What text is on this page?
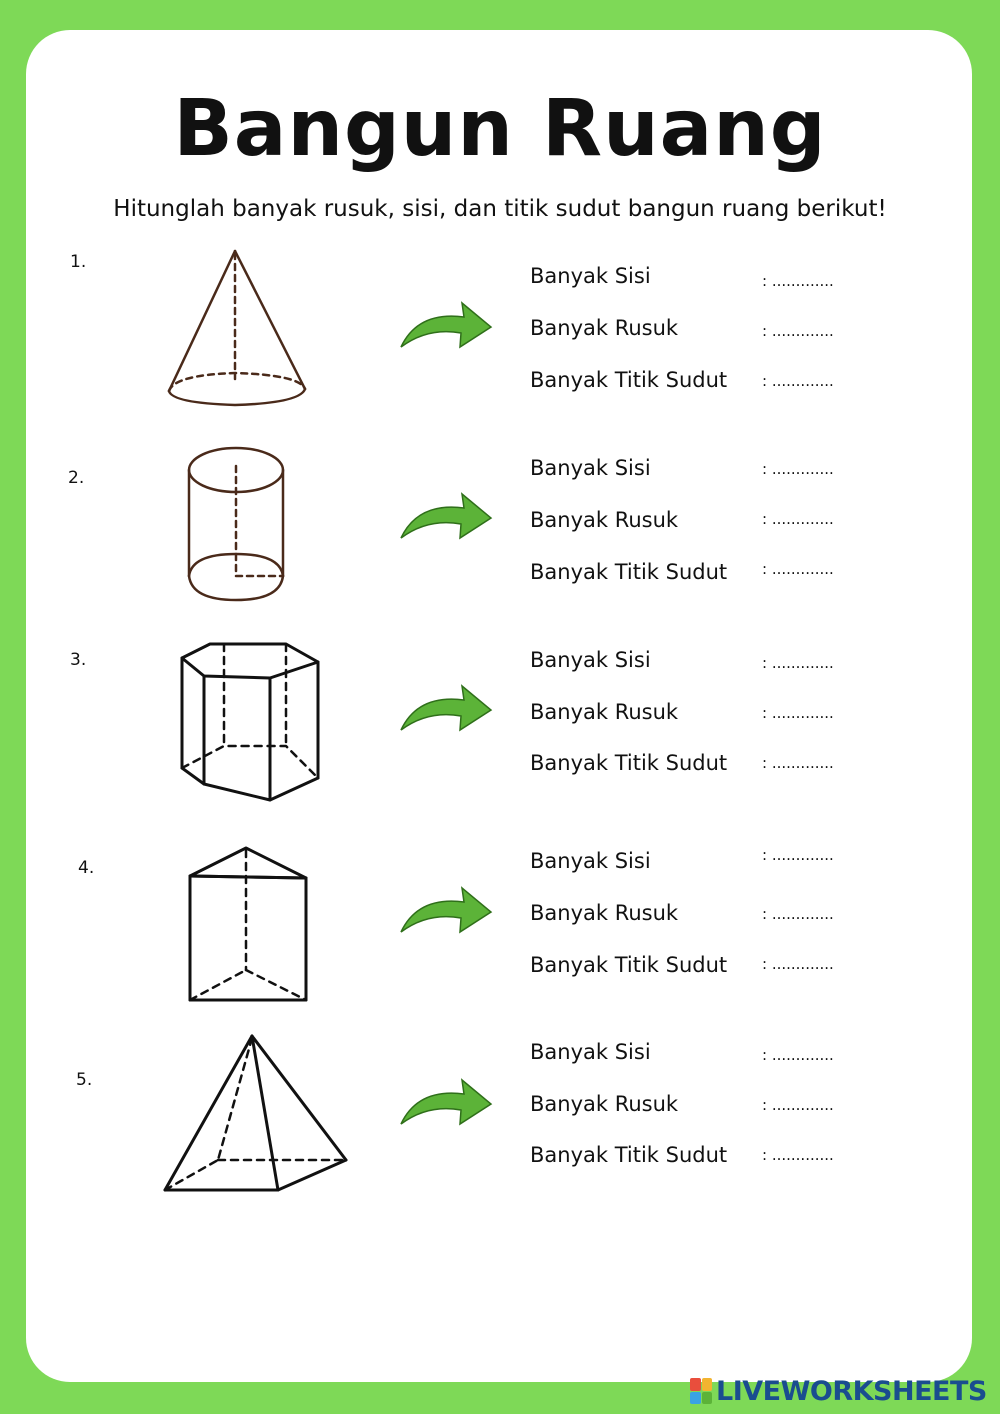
Bangun Ruang

Hitunglah banyak rusuk, sisi, dan titik sudut bangun ruang berikut!

1.
Banyak Sisi	: .............
Banyak Rusuk	: .............
Banyak Titik Sudut : .............
2.	Banyak Sisi	: .............
Banyak Rusuk	: .............
Banyak Titik Sudut : .............
3.	Banyak Sisi	: .............
Banyak Rusuk	: .............
Banyak Titik Sudut : .............
4.	Banyak Sisi	: .............
Banyak Rusuk	: .............
Banyak Titik Sudut : .............
5.
Banyak Sisi	: .............
Banyak Rusuk	: .............
Banyak Titik Sudut : .............
LIVEWORKSHEETS
